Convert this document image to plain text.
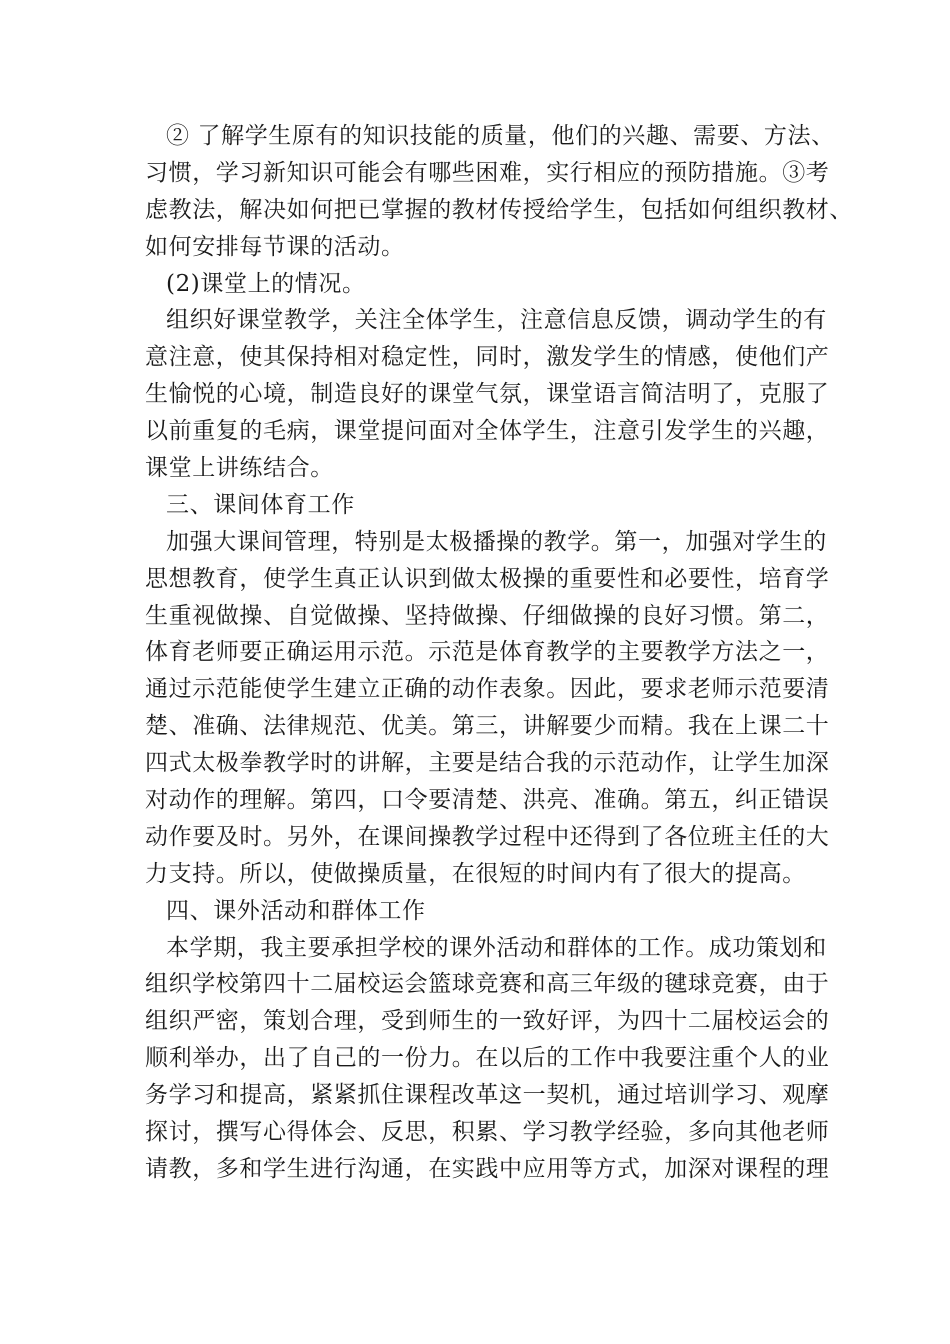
② 了解学生原有的知识技能的质量，他们的兴趣、需要、方法、
习惯，学习新知识可能会有哪些困难，实行相应的预防措施。③考
虑教法，解决如何把已掌握的教材传授给学生，包括如何组织教材、
如何安排每节课的活动。
(2)课堂上的情况。
组织好课堂教学，关注全体学生，注意信息反馈，调动学生的有
意注意，使其保持相对稳定性，同时，激发学生的情感，使他们产
生愉悦的心境，制造良好的课堂气氛，课堂语言简洁明了，克服了
以前重复的毛病，课堂提问面对全体学生，注意引发学生的兴趣，
课堂上讲练结合。
三、课间体育工作
加强大课间管理，特别是太极播操的教学。第一，加强对学生的
思想教育，使学生真正认识到做太极操的重要性和必要性，培育学
生重视做操、自觉做操、坚持做操、仔细做操的良好习惯。第二，
体育老师要正确运用示范。示范是体育教学的主要教学方法之一，
通过示范能使学生建立正确的动作表象。因此，要求老师示范要清
楚、准确、法律规范、优美。第三，讲解要少而精。我在上课二十
四式太极拳教学时的讲解，主要是结合我的示范动作，让学生加深
对动作的理解。第四，口令要清楚、洪亮、准确。第五，纠正错误
动作要及时。另外，在课间操教学过程中还得到了各位班主任的大
力支持。所以，使做操质量，在很短的时间内有了很大的提高。
四、课外活动和群体工作
本学期，我主要承担学校的课外活动和群体的工作。成功策划和
组织学校第四十二届校运会篮球竞赛和高三年级的毽球竞赛，由于
组织严密，策划合理，受到师生的一致好评，为四十二届校运会的
顺利举办，出了自己的一份力。在以后的工作中我要注重个人的业
务学习和提高，紧紧抓住课程改革这一契机，通过培训学习、观摩
探讨，撰写心得体会、反思，积累、学习教学经验，多向其他老师
请教，多和学生进行沟通，在实践中应用等方式，加深对课程的理
